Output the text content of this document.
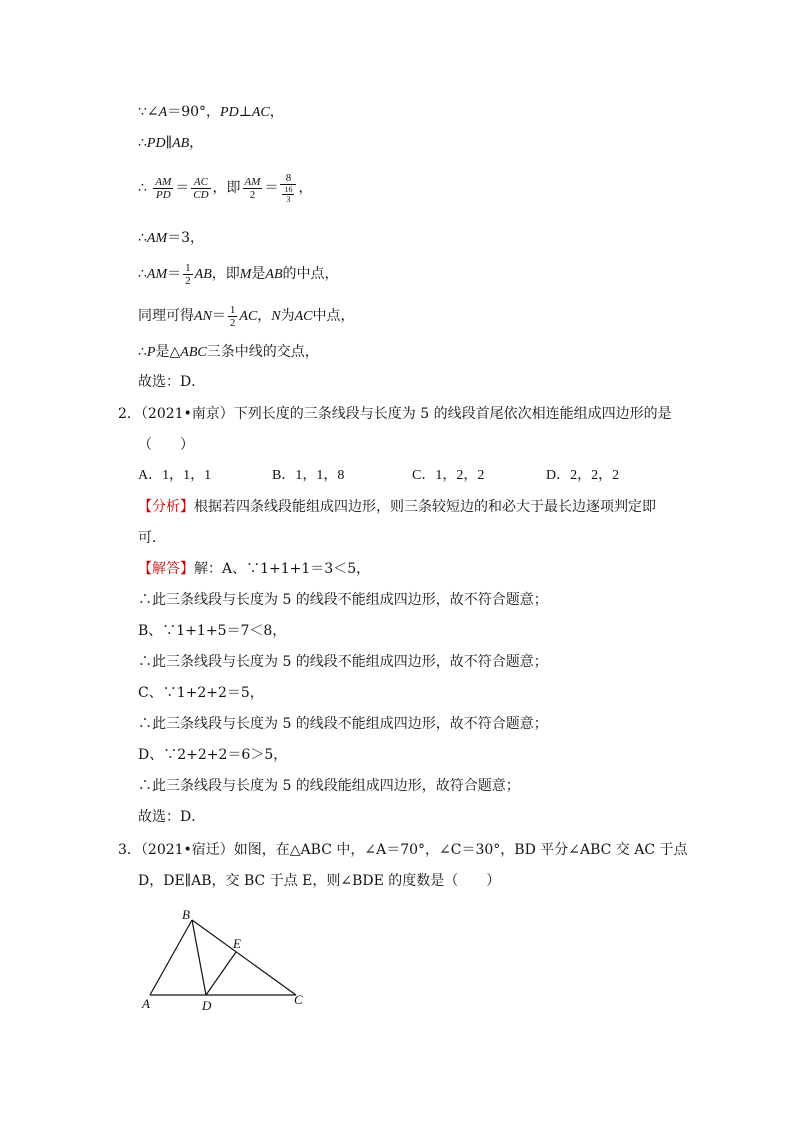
∵∠A＝90°，PD⊥AC，
∴PD∥AB，
∴ $\frac{AM}{PD} = \frac{AC}{CD}$ ，即 $\frac{AM}{2} = \frac{8}{\frac{16}{3}}$ ，
∴AM＝3，
∴AM＝ $\frac{1}{2}$ AB，即M是AB的中点，
同理可得$AN= \frac{1}{2}$ AC，N为AC中点，
∴P是△ABC三条中线的交点，
故选：D．
2．（2021•南京）下列长度的三条线段与长度为 5 的线段首尾依次相连能组成四边形的是
（　　）
A．1，1，1	B．1，1，8	C．1，2，2	D．2，2，2
【分析】根据若四条线段能组成四边形，则三条较短边的和必大于最长边逐项判定即
可．
【解答】解：A、∵1+1+1＝3＜5，
∴此三条线段与长度为 5 的线段不能组成四边形，故不符合题意；
B、∵1+1+5＝7＜8，
∴此三条线段与长度为 5 的线段不能组成四边形，故不符合题意；
C、∵1+2+2＝5，
∴此三条线段与长度为 5 的线段不能组成四边形，故不符合题意；
D、∵2+2+2＝6＞5，
∴此三条线段与长度为 5 的线段能组成四边形，故符合题意；
故选：D．
3．（2021•宿迁）如图，在△ABC 中，∠A＝70°，∠C＝30°，BD 平分∠ABC 交 AC 于点
D，DE∥AB，交 BC 于点 E，则∠BDE 的度数是（　　）
B
E
A	D	C
